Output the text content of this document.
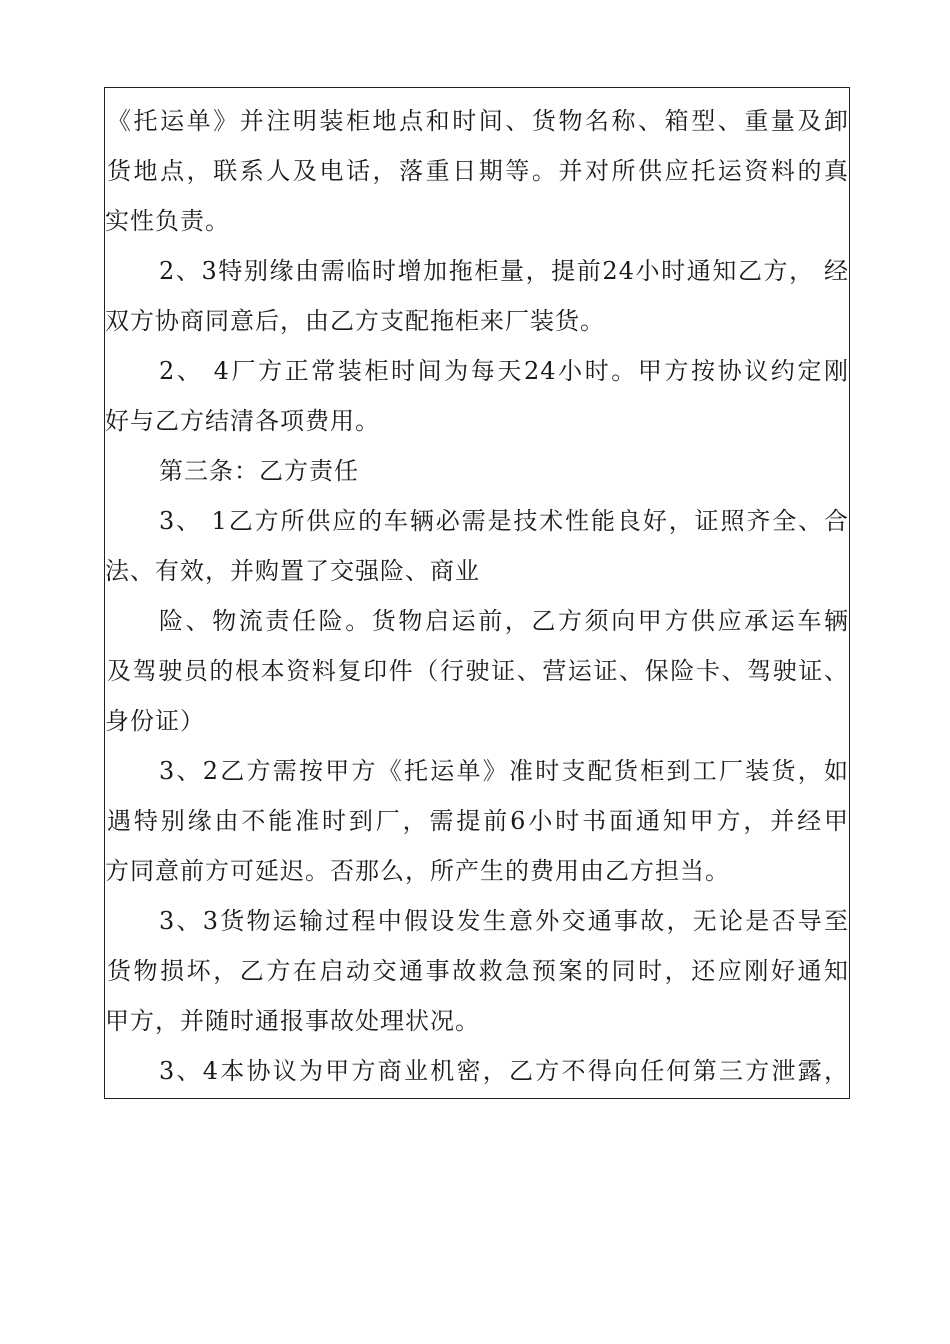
《托运单》并注明装柜地点和时间、货物名称、箱型、重量及卸
货地点，联系人及电话，落重日期等。并对所供应托运资料的真
实性负责。
2、3特别缘由需临时增加拖柜量，提前24小时通知乙方， 经
双方协商同意后，由乙方支配拖柜来厂装货。
2、 4厂方正常装柜时间为每天24小时。甲方按协议约定刚
好与乙方结清各项费用。
第三条：乙方责任
3、 1乙方所供应的车辆必需是技术性能良好，证照齐全、合
法、有效，并购置了交强险、商业
险、物流责任险。货物启运前，乙方须向甲方供应承运车辆
及驾驶员的根本资料复印件（行驶证、营运证、保险卡、驾驶证、
身份证）
3、2乙方需按甲方《托运单》准时支配货柜到工厂装货，如
遇特别缘由不能准时到厂，需提前6小时书面通知甲方，并经甲
方同意前方可延迟。否那么，所产生的费用由乙方担当。
3、3货物运输过程中假设发生意外交通事故，无论是否导至
货物损坏，乙方在启动交通事故救急预案的同时，还应刚好通知
甲方，并随时通报事故处理状况。
3、4本协议为甲方商业机密，乙方不得向任何第三方泄露，
